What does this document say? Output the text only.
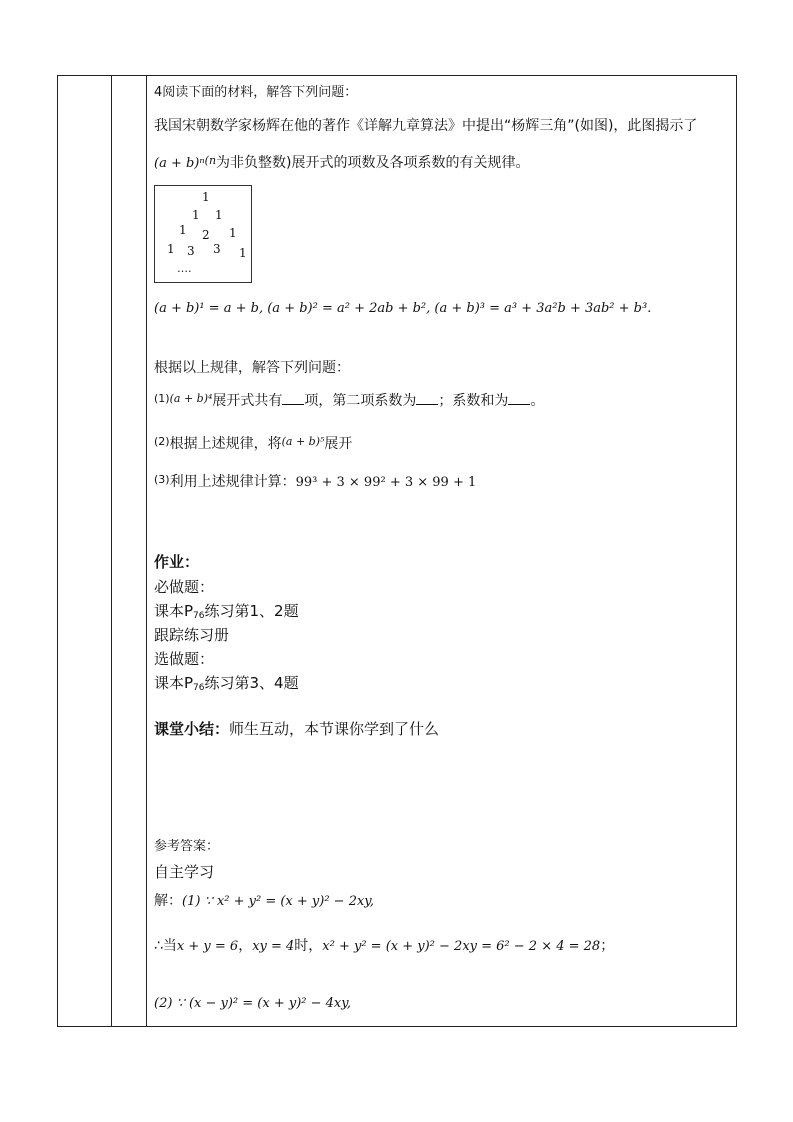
4阅读下面的材料，解答下列问题：
我国宋朝数学家杨辉在他的著作《详解九章算法》中提出“杨辉三角”(如图)，此图揭示了
(a + b)ⁿ$^{(n}$为非负整数)展开式的项数及各项系数的有关规律。
1
1 1
1 2 1
1 3 3 1
….
(a + b)¹ = a + b, (a + b)² = a² + 2ab + b², (a + b)³ = a³ + 3a²b + 3ab² + b³.
根据以上规律，解答下列问题：
$^{(1)(a + b)^4}$展开式共有 项，第二项系数为 ；系数和为 。
$^{(2)}$根据上述规律，将$^{(a + b)^5}$展开
$^{(3)}$利用上述规律计算：99³ + 3 × 99² + 3 × 99 + 1
作业：
必做题：
课本$P_{76}$练习第1、2题
跟踪练习册
选做题：
课本$P_{76}$练习第3、4题
课堂小结：师生互动，本节课你学到了什么
参考答案：
自主学习
解：(1) ∵ x² + y² = (x + y)² − 2xy,
∴当x + y = 6，xy = 4时，x² + y² = (x + y)² − 2xy = 6² − 2 × 4 = 28；
(2) ∵ (x − y)² = (x + y)² − 4xy,
